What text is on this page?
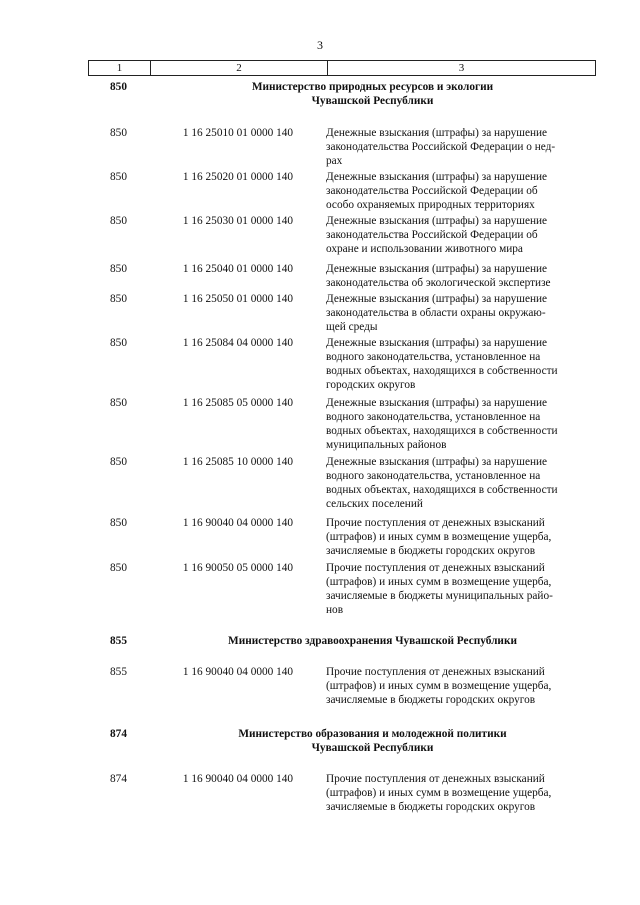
3
1	2	3
850	Министерство природных ресурсов и экологии
Чувашской Республики
850	1 16 25010 01 0000 140	Денежные взыскания (штрафы) за нарушение
законодательства Российской Федерации о нед-
рах
850	1 16 25020 01 0000 140	Денежные взыскания (штрафы) за нарушение
законодательства Российской Федерации об
особо охраняемых природных территориях
850	1 16 25030 01 0000 140	Денежные взыскания (штрафы) за нарушение
законодательства Российской Федерации об
охране и использовании животного мира
850	1 16 25040 01 0000 140	Денежные взыскания (штрафы) за нарушение
законодательства об экологической экспертизе
850	1 16 25050 01 0000 140	Денежные взыскания (штрафы) за нарушение
законодательства в области охраны окружаю-
щей среды
850	1 16 25084 04 0000 140	Денежные взыскания (штрафы) за нарушение
водного законодательства, установленное на
водных объектах, находящихся в собственности
городских округов
850	1 16 25085 05 0000 140	Денежные взыскания (штрафы) за нарушение
водного законодательства, установленное на
водных объектах, находящихся в собственности
муниципальных районов
850	1 16 25085 10 0000 140	Денежные взыскания (штрафы) за нарушение
водного законодательства, установленное на
водных объектах, находящихся в собственности
сельских поселений
850	1 16 90040 04 0000 140	Прочие поступления от денежных взысканий
(штрафов) и иных сумм в возмещение ущерба,
зачисляемые в бюджеты городских округов
850	1 16 90050 05 0000 140	Прочие поступления от денежных взысканий
(штрафов) и иных сумм в возмещение ущерба,
зачисляемые в бюджеты муниципальных райо-
нов
855	Министерство здравоохранения Чувашской Республики
855	1 16 90040 04 0000 140	Прочие поступления от денежных взысканий
(штрафов) и иных сумм в возмещение ущерба,
зачисляемые в бюджеты городских округов
874	Министерство образования и молодежной политики
Чувашской Республики
874	1 16 90040 04 0000 140	Прочие поступления от денежных взысканий
(штрафов) и иных сумм в возмещение ущерба,
зачисляемые в бюджеты городских округов
